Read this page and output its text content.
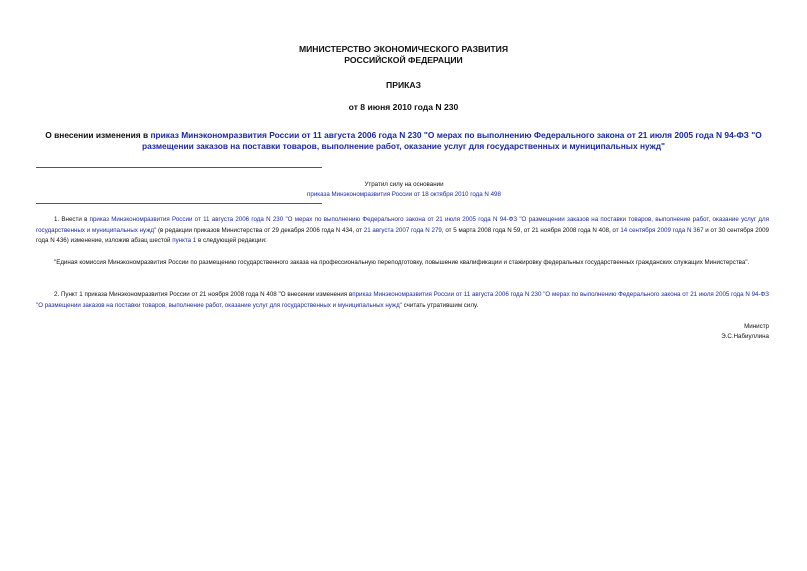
МИНИСТЕРСТВО ЭКОНОМИЧЕСКОГО РАЗВИТИЯ
РОССИЙСКОЙ ФЕДЕРАЦИИ
ПРИКАЗ
от 8 июня 2010 года N 230
О внесении изменения в приказ Минэкономразвития России от 11 августа 2006 года N 230 "О мерах по выполнению Федерального закона от 21 июля 2005 года N 94-ФЗ "О размещении заказов на поставки товаров, выполнение работ, оказание услуг для государственных и муниципальных нужд"
Утратил силу на основании
приказа Минэкономразвития России от 18 октября 2010 года N 498
1. Внести в приказ Минэкономразвития России от 11 августа 2006 года N 230 "О мерах по выполнению Федерального закона от 21 июля 2005 года N 94-ФЗ "О размещении заказов на поставки товаров, выполнение работ, оказание услуг для государственных и муниципальных нужд" (в редакции приказов Министерства от 29 декабря 2006 года N 434, от 21 августа 2007 года N 279, от 5 марта 2008 года N 59, от 21 ноября 2008 года N 408, от 14 сентября 2009 года N 367 и от 30 сентября 2009 года N 436) изменение, изложив абзац шестой пункта 1 в следующей редакции:
"Единая комиссия Минэкономразвития России по размещению государственного заказа на профессиональную переподготовку, повышение квалификации и стажировку федеральных государственных гражданских служащих Министерства".
2. Пункт 1 приказа Минэкономразвития России от 21 ноября 2008 года N 408 "О внесении изменения вприказ Минэкономразвития России от 11 августа 2006 года N 230 "О мерах по выполнению Федерального закона от 21 июля 2005 года N 94-ФЗ "О размещении заказов на поставки товаров, выполнение работ, оказание услуг для государственных и муниципальных нужд" считать утратившим силу.
Министр
Э.С.Набиуллина
